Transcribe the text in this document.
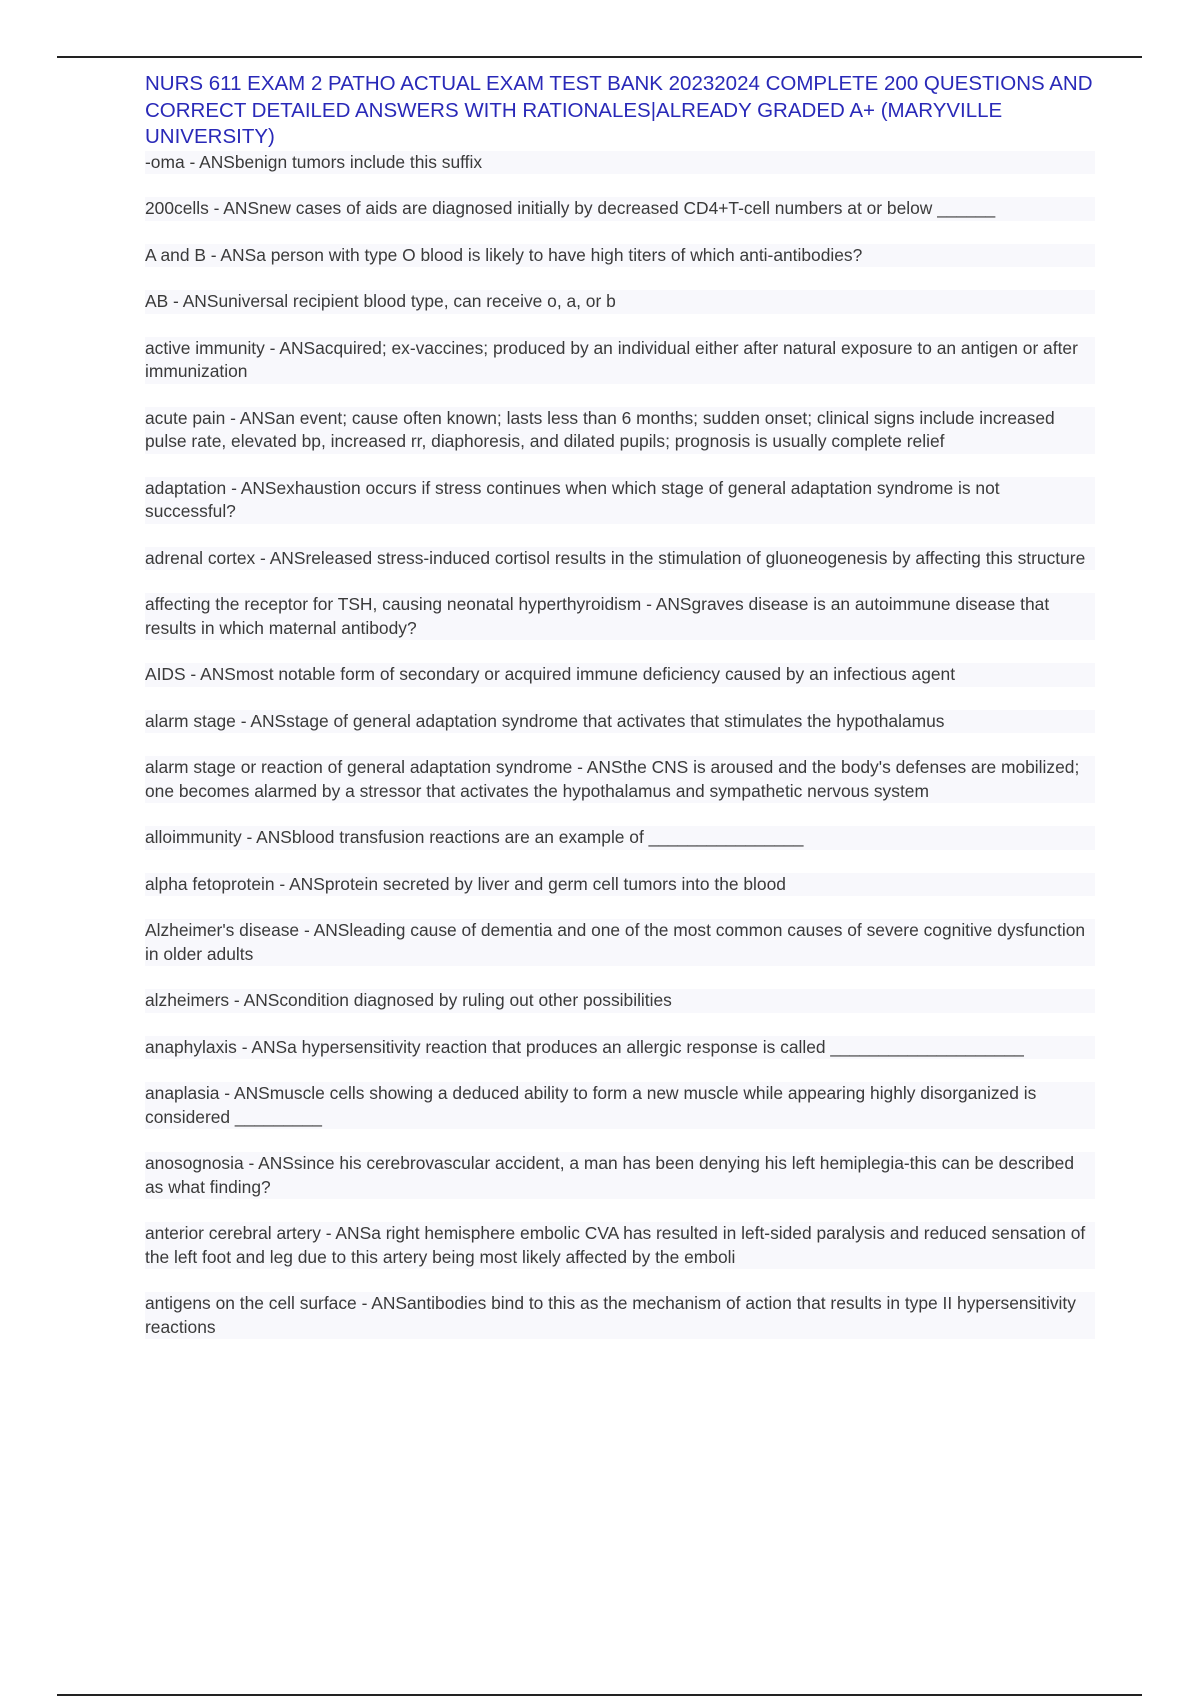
NURS 611 EXAM 2 PATHO ACTUAL EXAM TEST BANK 20232024 COMPLETE 200 QUESTIONS AND CORRECT DETAILED ANSWERS WITH RATIONALES|ALREADY GRADED A+ (MARYVILLE UNIVERSITY)
-oma - ANSbenign tumors include this suffix
200cells - ANSnew cases of aids are diagnosed initially by decreased CD4+T-cell numbers at or below ______
A and B - ANSa person with type O blood is likely to have high titers of which anti-antibodies?
AB - ANSuniversal recipient blood type, can receive o, a, or b
active immunity - ANSacquired; ex-vaccines; produced by an individual either after natural exposure to an antigen or after immunization
acute pain - ANSan event; cause often known; lasts less than 6 months; sudden onset; clinical signs include increased pulse rate, elevated bp, increased rr, diaphoresis, and dilated pupils; prognosis is usually complete relief
adaptation - ANSexhaustion occurs if stress continues when which stage of general adaptation syndrome is not successful?
adrenal cortex - ANSreleased stress-induced cortisol results in the stimulation of gluoneogenesis by affecting this structure
affecting the receptor for TSH, causing neonatal hyperthyroidism - ANSgraves disease is an autoimmune disease that results in which maternal antibody?
AIDS - ANSmost notable form of secondary or acquired immune deficiency caused by an infectious agent
alarm stage - ANSstage of general adaptation syndrome that activates that stimulates the hypothalamus
alarm stage or reaction of general adaptation syndrome - ANSthe CNS is aroused and the body's defenses are mobilized; one becomes alarmed by a stressor that activates the hypothalamus and sympathetic nervous system
alloimmunity - ANSblood transfusion reactions are an example of ________________
alpha fetoprotein - ANSprotein secreted by liver and germ cell tumors into the blood
Alzheimer's disease - ANSleading cause of dementia and one of the most common causes of severe cognitive dysfunction in older adults
alzheimers - ANScondition diagnosed by ruling out other possibilities
anaphylaxis - ANSa hypersensitivity reaction that produces an allergic response is called ____________________
anaplasia - ANSmuscle cells showing a deduced ability to form a new muscle while appearing highly disorganized is considered _________
anosognosia - ANSsince his cerebrovascular accident, a man has been denying his left hemiplegia-this can be described as what finding?
anterior cerebral artery - ANSa right hemisphere embolic CVA has resulted in left-sided paralysis and reduced sensation of the left foot and leg due to this artery being most likely affected by the emboli
antigens on the cell surface - ANSantibodies bind to this as the mechanism of action that results in type II hypersensitivity reactions
